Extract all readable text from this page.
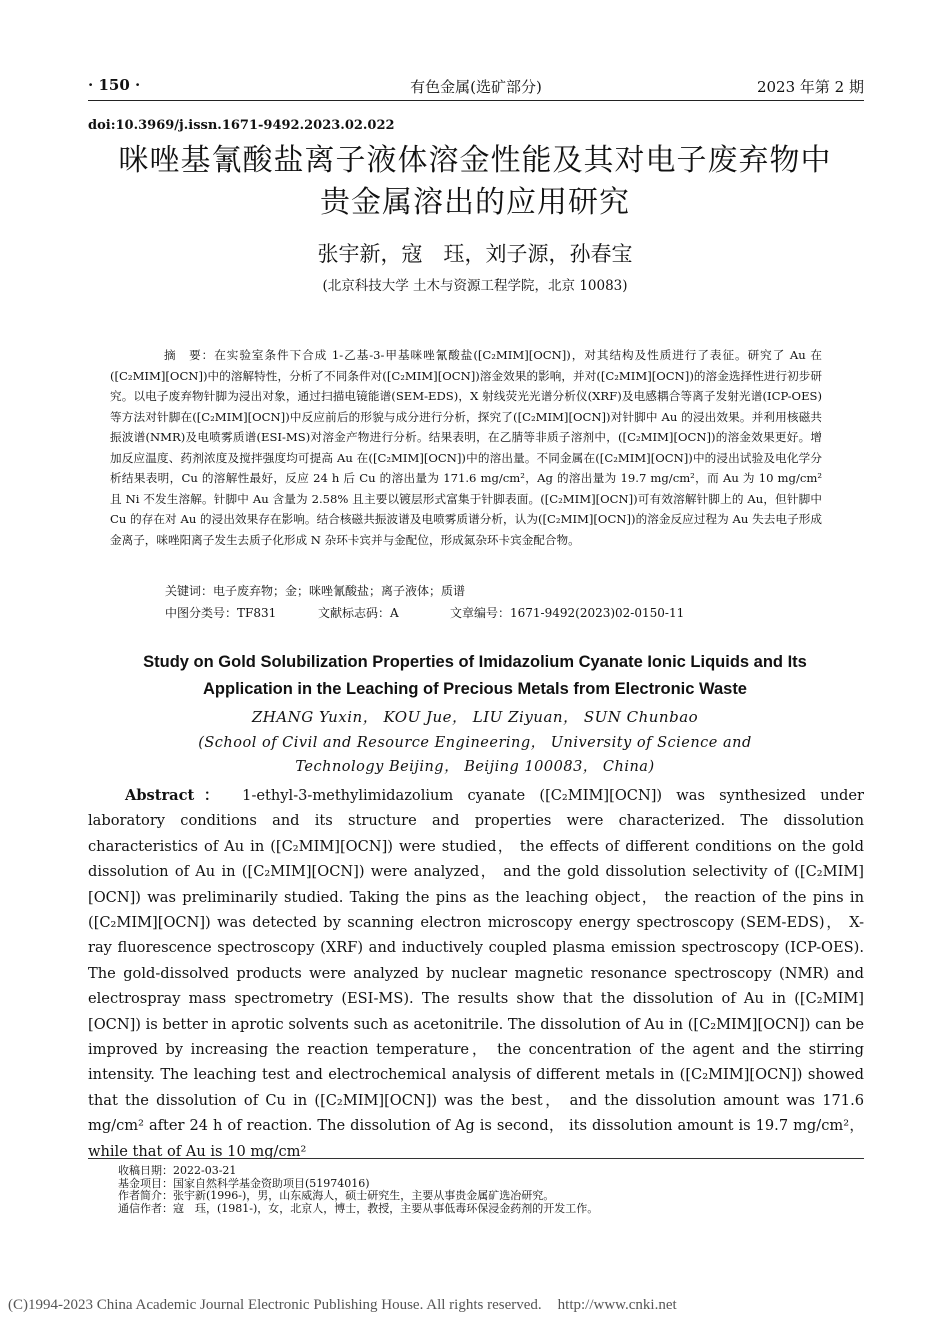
· 150 ·	有色金属(选矿部分)	2023 年第 2 期
doi:10.3969/j.issn.1671-9492.2023.02.022
咪唑基氰酸盐离子液体溶金性能及其对电子废弃物中
贵金属溶出的应用研究
张宇新，寇　珏，刘子源，孙春宝
(北京科技大学 土木与资源工程学院，北京 10083)
摘　要：在实验室条件下合成 1-乙基-3-甲基咪唑氰酸盐([C₂MIM][OCN])，对其结构及性质进行了表征。研究了 Au 在([C₂MIM][OCN])中的溶解特性，分析了不同条件对([C₂MIM][OCN])溶金效果的影响，并对([C₂MIM][OCN])的溶金选择性进行初步研究。以电子废弃物针脚为浸出对象，通过扫描电镜能谱(SEM-EDS)，X 射线荧光光谱分析仪(XRF)及电感耦合等离子发射光谱(ICP-OES)等方法对针脚在([C₂MIM][OCN])中反应前后的形貌与成分进行分析，探究了([C₂MIM][OCN])对针脚中 Au 的浸出效果。并利用核磁共振波谱(NMR)及电喷雾质谱(ESI-MS)对溶金产物进行分析。结果表明，在乙腈等非质子溶剂中，([C₂MIM][OCN])的溶金效果更好。增加反应温度、药剂浓度及搅拌强度均可提高 Au 在([C₂MIM][OCN])中的溶出量。不同金属在([C₂MIM][OCN])中的浸出试验及电化学分析结果表明，Cu 的溶解性最好，反应 24 h 后 Cu 的溶出量为 171.6 mg/cm²，Ag 的溶出量为 19.7 mg/cm²，而 Au 为 10 mg/cm² 且 Ni 不发生溶解。针脚中 Au 含量为 2.58% 且主要以镀层形式富集于针脚表面。([C₂MIM][OCN])可有效溶解针脚上的 Au，但针脚中 Cu 的存在对 Au 的浸出效果存在影响。结合核磁共振波谱及电喷雾质谱分析，认为([C₂MIM][OCN])的溶金反应过程为 Au 失去电子形成金离子，咪唑阳离子发生去质子化形成 N 杂环卡宾并与金配位，形成氮杂环卡宾金配合物。
关键词：电子废弃物；金；咪唑氰酸盐；离子液体；质谱
中图分类号：TF831	文献标志码：A	文章编号：1671-9492(2023)02-0150-11
Study on Gold Solubilization Properties of Imidazolium Cyanate Ionic Liquids and Its
Application in the Leaching of Precious Metals from Electronic Waste
ZHANG Yuxin， KOU Jue， LIU Ziyuan， SUN Chunbao
(School of Civil and Resource Engineering， University of Science and Technology Beijing， Beijing 100083， China)
Abstract： 1-ethyl-3-methylimidazolium cyanate ([C₂MIM][OCN]) was synthesized under laboratory conditions and its structure and properties were characterized. The dissolution characteristics of Au in ([C₂MIM][OCN]) were studied， the effects of different conditions on the gold dissolution of Au in ([C₂MIM][OCN]) were analyzed， and the gold dissolution selectivity of ([C₂MIM][OCN]) was preliminarily studied. Taking the pins as the leaching object， the reaction of the pins in ([C₂MIM][OCN]) was detected by scanning electron microscopy energy spectroscopy (SEM-EDS)， X-ray fluorescence spectroscopy (XRF) and inductively coupled plasma emission spectroscopy (ICP-OES). The gold-dissolved products were analyzed by nuclear magnetic resonance spectroscopy (NMR) and electrospray mass spectrometry (ESI-MS). The results show that the dissolution of Au in ([C₂MIM][OCN]) is better in aprotic solvents such as acetonitrile. The dissolution of Au in ([C₂MIM][OCN]) can be improved by increasing the reaction temperature， the concentration of the agent and the stirring intensity. The leaching test and electrochemical analysis of different metals in ([C₂MIM][OCN]) showed that the dissolution of Cu in ([C₂MIM][OCN]) was the best， and the dissolution amount was 171.6 mg/cm² after 24 h of reaction. The dissolution of Ag is second， its dissolution amount is 19.7 mg/cm²， while that of Au is 10 mg/cm²
收稿日期：2022-03-21
基金项目：国家自然科学基金资助项目(51974016)
作者简介：张宇新(1996-)，男，山东威海人，硕士研究生，主要从事贵金属矿选冶研究。
通信作者：寇　珏，(1981-)，女，北京人，博士，教授，主要从事低毒环保浸金药剂的开发工作。
(C)1994-2023 China Academic Journal Electronic Publishing House. All rights reserved. http://www.cnki.net
